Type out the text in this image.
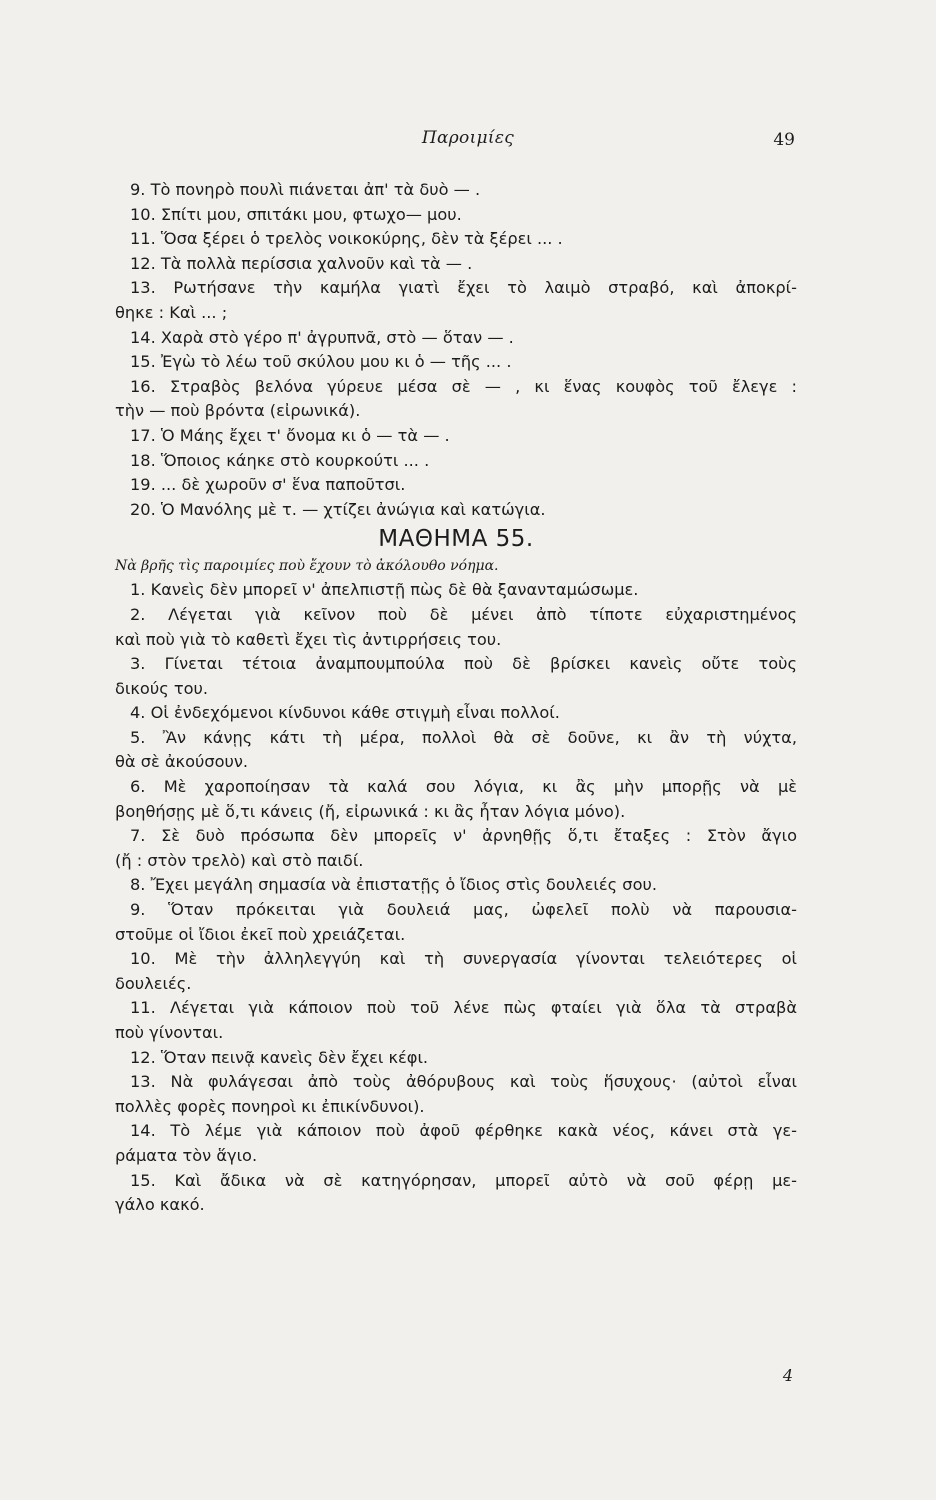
Παροιμίες	49
9. Τὸ πονηρὸ πουλὶ πιάνεται ἀπ' τὰ δυὸ — .
10. Σπίτι μου, σπιτάκι μου, φτωχο— μου.
11. Ὅσα ξέρει ὁ τρελὸς νοικοκύρης, δὲν τὰ ξέρει ... .
12. Τὰ πολλὰ περίσσια χαλνοῦν καὶ τὰ — .
13. Ρωτήσανε τὴν καμήλα γιατὶ ἔχει τὸ λαιμὸ στραβό, καὶ ἀποκρί-
θηκε : Καὶ ... ;
14. Χαρὰ στὸ γέρο π' ἀγρυπνᾶ, στὸ — ὅταν — .
15. Ἐγὼ τὸ λέω τοῦ σκύλου μου κι ὁ — τῆς ... .
16. Στραβὸς βελόνα γύρευε μέσα σὲ — , κι ἕνας κουφὸς τοῦ ἔλεγε :
τὴν — ποὺ βρόντα (εἰρωνικά).
17. Ὁ Μάης ἔχει τ' ὄνομα κι ὁ — τὰ — .
18. Ὅποιος κάηκε στὸ κουρκούτι ... .
19. ... δὲ χωροῦν σ' ἕνα παποῦτσι.
20. Ὁ Μανόλης μὲ τ. — χτίζει ἀνώγια καὶ κατώγια.
ΜΑΘΗΜΑ 55.
Νὰ βρῆς τὶς παροιμίες ποὺ ἔχουν τὸ ἀκόλουθο νόημα.
1. Κανεὶς δὲν μπορεῖ ν' ἀπελπιστῇ πὼς δὲ θὰ ξανανταμώσωμε.
2. Λέγεται γιὰ κεῖνον ποὺ δὲ μένει ἀπὸ τίποτε εὐχαριστημένος
καὶ ποὺ γιὰ τὸ καθετὶ ἔχει τὶς ἀντιρρήσεις του.
3. Γίνεται τέτοια ἀναμπουμπούλα ποὺ δὲ βρίσκει κανεὶς οὔτε τοὺς
δικούς του.
4. Οἱ ἐνδεχόμενοι κίνδυνοι κάθε στιγμὴ εἶναι πολλοί.
5. Ἂν κάνῃς κάτι τὴ μέρα, πολλοὶ θὰ σὲ δοῦνε, κι ἂν τὴ νύχτα,
θὰ σὲ ἀκούσουν.
6. Μὲ χαροποίησαν τὰ καλά σου λόγια, κι ἂς μὴν μπορῇς νὰ μὲ
βοηθήσῃς μὲ ὅ,τι κάνεις (ἤ, εἰρωνικά : κι ἂς ἦταν λόγια μόνο).
7. Σὲ δυὸ πρόσωπα δὲν μπορεῖς ν' ἀρνηθῇς ὅ,τι ἔταξες : Στὸν ἄγιο
(ἤ : στὸν τρελὸ) καὶ στὸ παιδί.
8. Ἔχει μεγάλη σημασία νὰ ἐπιστατῇς ὁ ἴδιος στὶς δουλειές σου.
9. Ὅταν πρόκειται γιὰ δουλειά μας, ὠφελεῖ πολὺ νὰ παρουσια-
στοῦμε οἱ ἴδιοι ἐκεῖ ποὺ χρειάζεται.
10. Μὲ τὴν ἀλληλεγγύη καὶ τὴ συνεργασία γίνονται τελειότερες οἱ
δουλειές.
11. Λέγεται γιὰ κάποιον ποὺ τοῦ λένε πὼς φταίει γιὰ ὅλα τὰ στραβὰ
ποὺ γίνονται.
12. Ὅταν πεινᾷ κανεὶς δὲν ἔχει κέφι.
13. Νὰ φυλάγεσαι ἀπὸ τοὺς ἀθόρυβους καὶ τοὺς ἥσυχους· (αὐτοὶ εἶναι
πολλὲς φορὲς πονηροὶ κι ἐπικίνδυνοι).
14. Τὸ λέμε γιὰ κάποιον ποὺ ἀφοῦ φέρθηκε κακὰ νέος, κάνει στὰ γε-
ράματα τὸν ἅγιο.
15. Καὶ ἄδικα νὰ σὲ κατηγόρησαν, μπορεῖ αὐτὸ νὰ σοῦ φέρῃ με-
γάλο κακό.
4
